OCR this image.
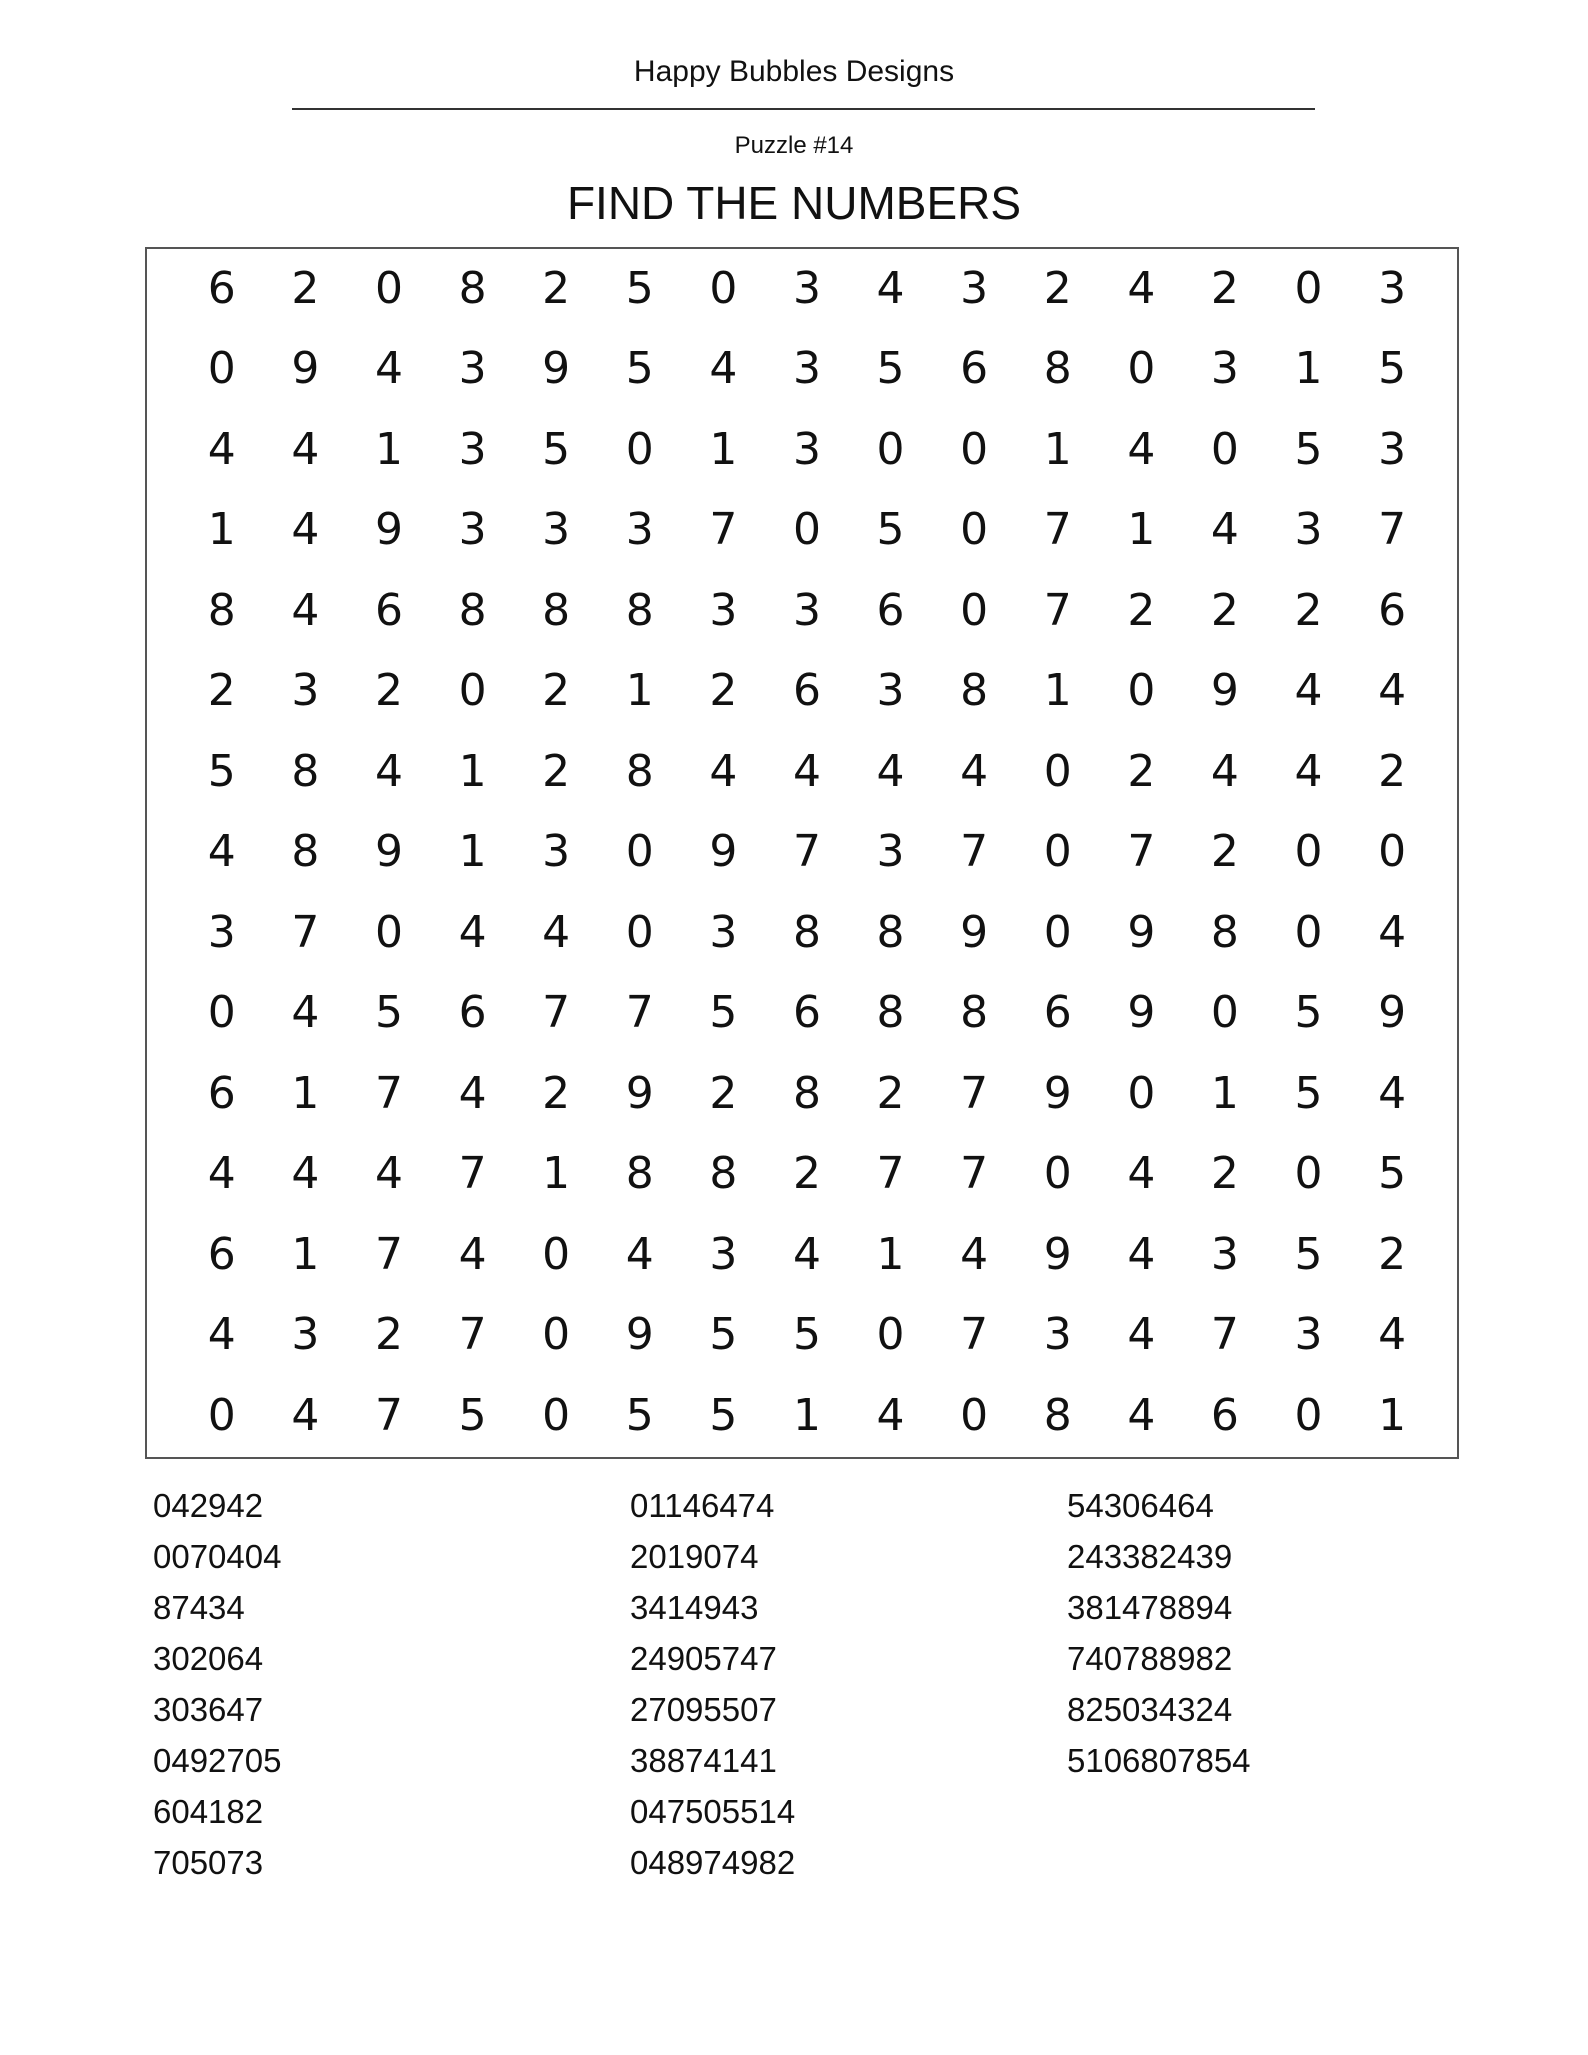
Happy Bubbles Designs
Puzzle #14
FIND THE NUMBERS
6	2	0	8	2	5	0	3	4	3	2	4	2	0	3
0	9	4	3	9	5	4	3	5	6	8	0	3	1	5
4	4	1	3	5	0	1	3	0	0	1	4	0	5	3
1	4	9	3	3	3	7	0	5	0	7	1	4	3	7
8	4	6	8	8	8	3	3	6	0	7	2	2	2	6
2	3	2	0	2	1	2	6	3	8	1	0	9	4	4
5	8	4	1	2	8	4	4	4	4	0	2	4	4	2
4	8	9	1	3	0	9	7	3	7	0	7	2	0	0
3	7	0	4	4	0	3	8	8	9	0	9	8	0	4
0	4	5	6	7	7	5	6	8	8	6	9	0	5	9
6	1	7	4	2	9	2	8	2	7	9	0	1	5	4
4	4	4	7	1	8	8	2	7	7	0	4	2	0	5
6	1	7	4	0	4	3	4	1	4	9	4	3	5	2
4	3	2	7	0	9	5	5	0	7	3	4	7	3	4
0	4	7	5	0	5	5	1	4	0	8	4	6	0	1
042942
0070404
87434
302064
303647
0492705
604182
705073
01146474
2019074
3414943
24905747
27095507
38874141
047505514
048974982
54306464
243382439
381478894
740788982
825034324
5106807854
